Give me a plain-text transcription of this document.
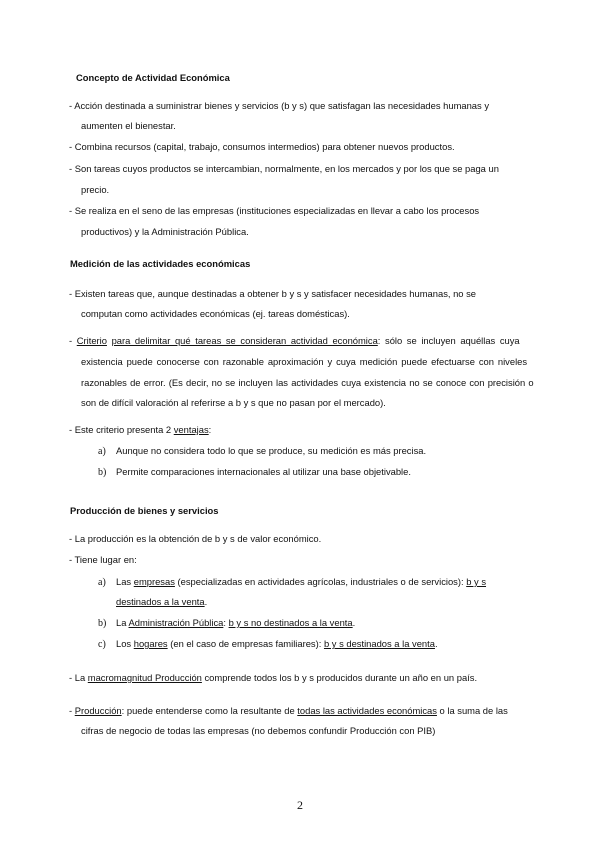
Concepto de Actividad Económica
- Acción destinada a suministrar bienes y servicios (b y s) que satisfagan las necesidades humanas y
aumenten el bienestar.
- Combina recursos (capital, trabajo, consumos intermedios) para obtener nuevos productos.
- Son tareas cuyos productos se intercambian, normalmente, en los mercados y por los que se paga un
precio.
- Se realiza en el seno de las empresas (instituciones especializadas en llevar a cabo los procesos
productivos) y la Administración Pública.
Medición de las actividades económicas
- Existen tareas que, aunque destinadas a obtener b y s y satisfacer necesidades humanas, no se
computan como actividades económicas (ej. tareas domésticas).
- Criterio para delimitar qué tareas se consideran actividad económica: sólo se incluyen aquéllas cuya
existencia puede conocerse con razonable aproximación y cuya medición puede efectuarse con niveles
razonables de error. (Es decir, no se incluyen las actividades cuya existencia no se conoce con precisión o
son de difícil valoración al referirse a b y s que no pasan por el mercado).
- Este criterio presenta 2 ventajas:
a) Aunque no considera todo lo que se produce, su medición es más precisa.
b) Permite comparaciones internacionales al utilizar una base objetivable.
Producción de bienes y servicios
- La producción es la obtención de b y s de valor económico.
- Tiene lugar en:
a) Las empresas (especializadas en actividades agrícolas, industriales o de servicios): b y s
destinados a la venta.
b) La Administración Pública: b y s no destinados a la venta.
c) Los hogares (en el caso de empresas familiares): b y s destinados a la venta.
- La macromagnitud Producción comprende todos los b y s producidos durante un año en un país.
- Producción: puede entenderse como la resultante de todas las actividades económicas o la suma de las
cifras de negocio de todas las empresas (no debemos confundir Producción con PIB)
2
